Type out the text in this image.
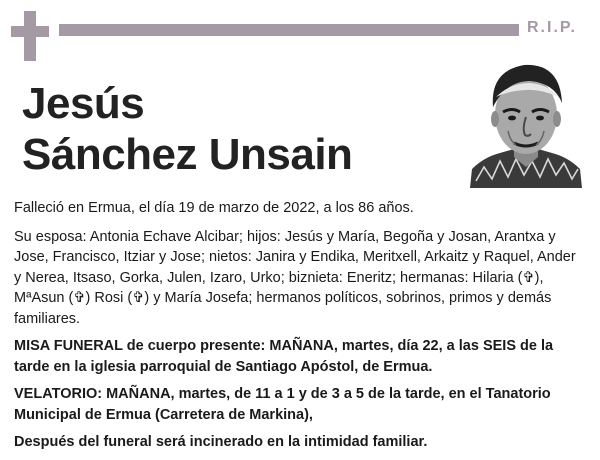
R.I.P.
Jesús
Sánchez Unsain

Falleció en Ermua, el día 19 de marzo de 2022, a los 86 años.

Su esposa: Antonia Echave Alcibar; hijos: Jesús y María, Begoña y Josan, Arantxa y Jose, Francisco, Itziar y Jose; nietos: Janira y Endika, Meritxell, Arkaitz y Raquel, Ander y Nerea, Itsaso, Gorka, Julen, Izaro, Urko; biznieta: Eneritz; hermanas: Hilaria (✞), MªAsun (✞) Rosi (✞) y María Josefa; hermanos políticos, sobrinos, primos y demás familiares.

MISA FUNERAL de cuerpo presente: MAÑANA, martes, día 22, a las SEIS de la tarde en la iglesia parroquial de Santiago Apóstol, de Ermua.

VELATORIO: MAÑANA, martes, de 11 a 1 y de 3 a 5 de la tarde, en el Tanatorio Municipal de Ermua (Carretera de Markina),

Después del funeral será incinerado en la intimidad familiar.
